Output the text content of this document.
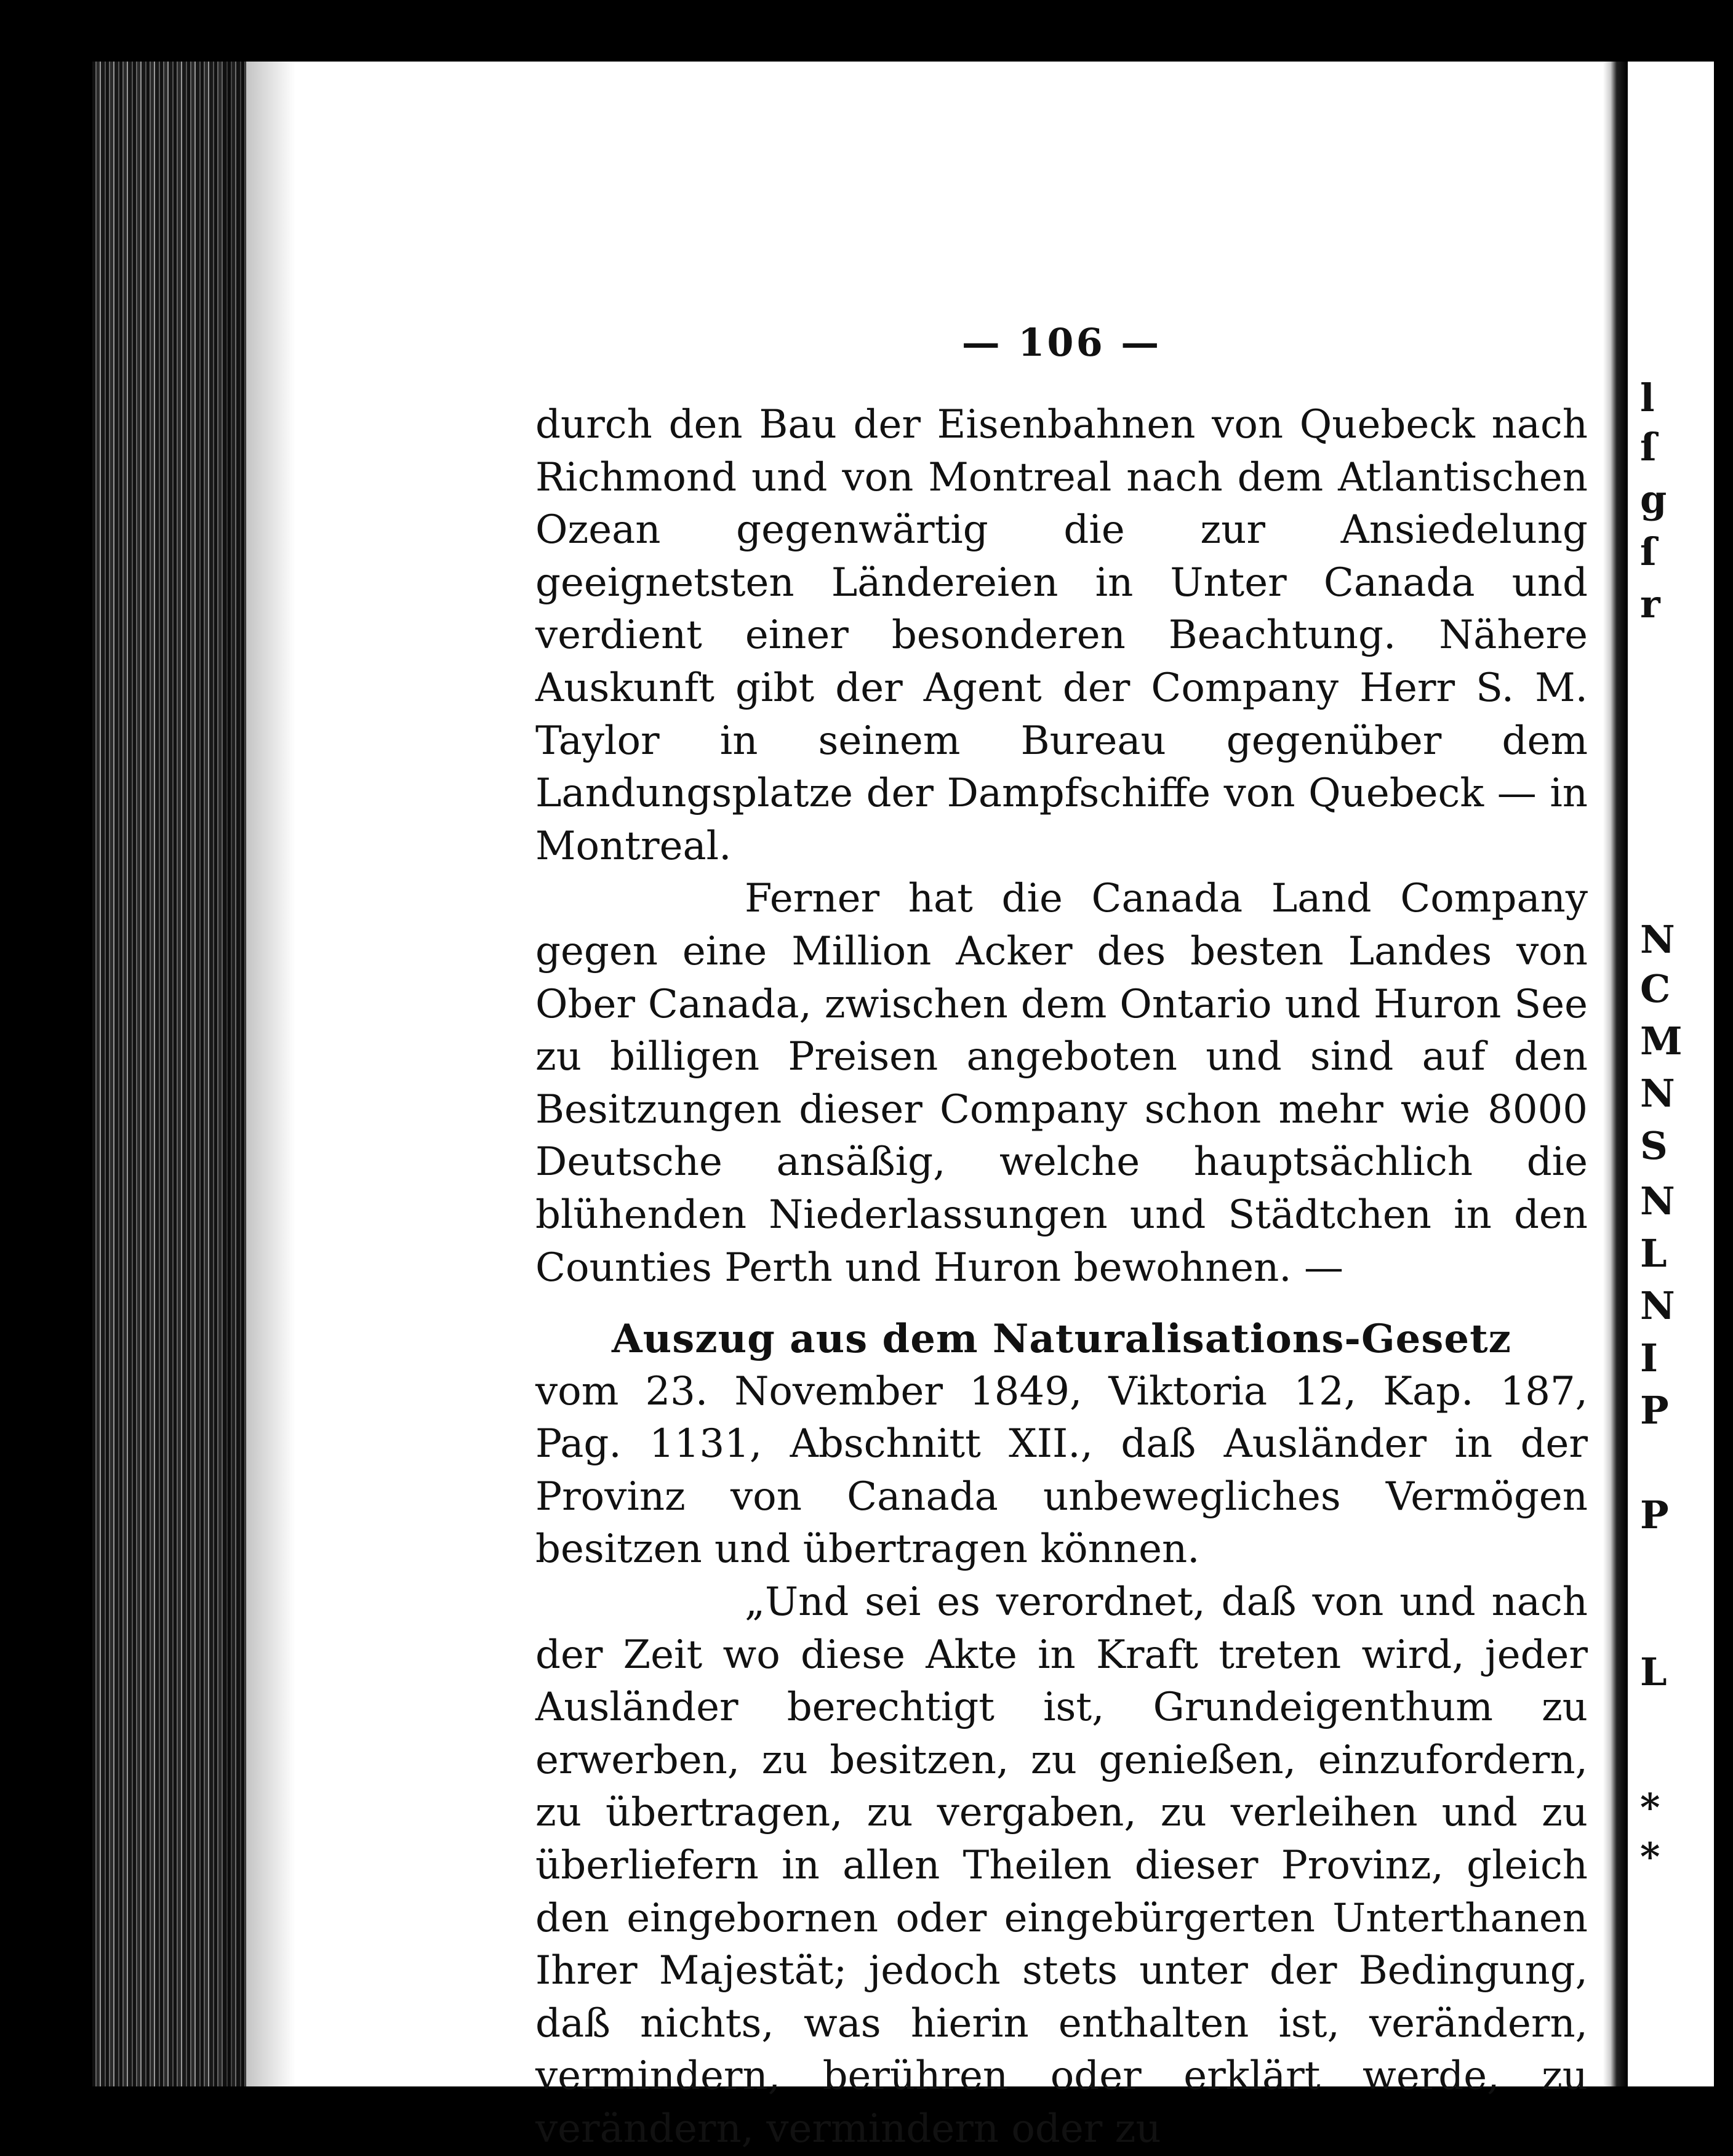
— 106 —

durch den Bau der Eisenbahnen von Quebeck nach Richmond und von Montreal nach dem Atlantischen Ozean gegenwärtig die zur Ansiedelung geeignetsten Ländereien in Unter Canada und verdient einer besonderen Beachtung. Nähere Auskunft gibt der Agent der Company Herr S. M. Taylor in seinem Bureau gegenüber dem Landungsplatze der Dampfschiffe von Quebeck — in Montreal.

Ferner hat die Canada Land Company gegen eine Million Acker des besten Landes von Ober Canada, zwischen dem Ontario und Huron See zu billigen Preisen angeboten und sind auf den Besitzungen dieser Company schon mehr wie 8000 Deutsche ansäßig, welche hauptsächlich die blühenden Niederlassungen und Städtchen in den Counties Perth und Huron bewohnen. —

Auszug aus dem Naturalisations-Gesetz

vom 23. November 1849, Viktoria 12, Kap. 187, Pag. 1131, Abschnitt XII., daß Ausländer in der Provinz von Canada unbewegliches Vermögen besitzen und übertragen können.

„Und sei es verordnet, daß von und nach der Zeit wo diese Akte in Kraft treten wird, jeder Ausländer berechtigt ist, Grundeigenthum zu erwerben, zu besitzen, zu genießen, einzufordern, zu übertragen, zu vergaben, zu verleihen und zu überliefern in allen Theilen dieser Provinz, gleich den eingebornen oder eingebürgerten Unterthanen Ihrer Majestät; jedoch stets unter der Bedingung, daß nichts, was hierin enthalten ist, verändern, vermindern, berühren oder erklärt werde, zu verändern, vermindern oder zu

l
ſ
g
ſ
r
N
C
M
N
S
N
L
N
I
P
P
L
*
*
